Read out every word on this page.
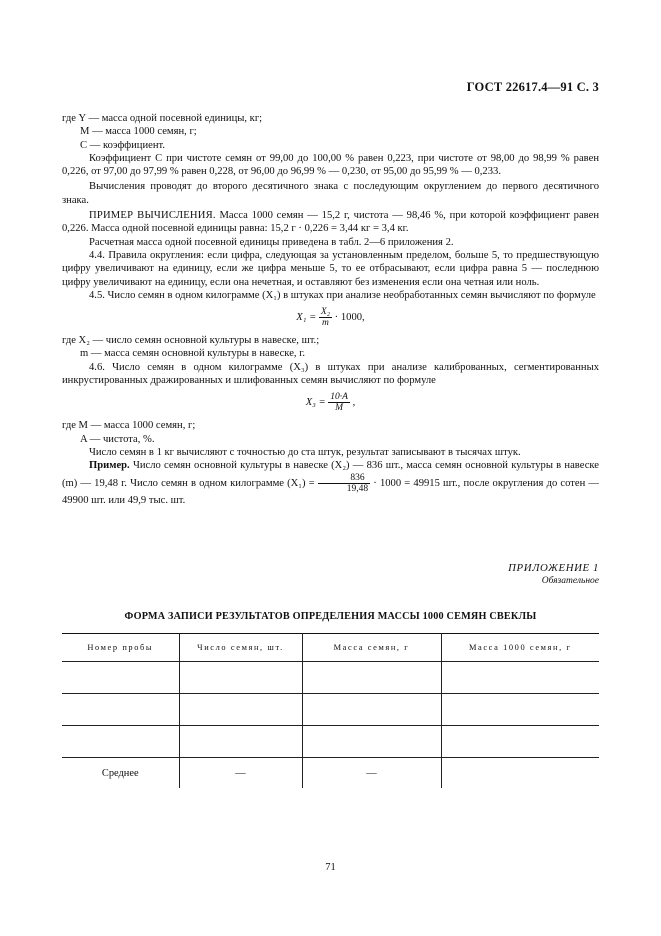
ГОСТ 22617.4—91 С. 3

где Y — масса одной посевной единицы, кг;

M — масса 1000 семян, г;

C — коэффициент.

Коэффициент C при чистоте семян от 99,00 до 100,00 % равен 0,223, при чистоте от 98,00 до 98,99 % равен 0,226, от 97,00 до 97,99 % равен 0,228, от 96,00 до 96,99 % — 0,230, от 95,00 до 95,99 % — 0,233.

Вычисления проводят до второго десятичного знака с последующим округлением до первого десятичного знака.

ПРИМЕР ВЫЧИСЛЕНИЯ. Масса 1000 семян — 15,2 г, чистота — 98,46 %, при которой коэффициент равен 0,226. Масса одной посевной единицы равна: 15,2 г · 0,226 = 3,44 кг = 3,4 кг.

Расчетная масса одной посевной единицы приведена в табл. 2—6 приложения 2.

4.4. Правила округления: если цифра, следующая за установленным пределом, больше 5, то предшествующую цифру увеличивают на единицу, если же цифра меньше 5, то ее отбрасывают, если цифра равна 5 — последнюю цифру увеличивают на единицу, если она нечетная, и оставляют без изменения если она четная или ноль.

4.5. Число семян в одном килограмме (X₁) в штуках при анализе необработанных семян вычисляют по формуле

$X_1 = \frac{\text{X₂}}{m} \cdot 1000$,

где X₂ — число семян основной культуры в навеске, шт.;

m — масса семян основной культуры в навеске, г.

4.6. Число семян в одном килограмме (X₃) в штуках при анализе калиброванных, сегментированных инкрустированных дражированных и шлифованных семян вычисляют по формуле

$X_3 = \frac{10\cdot A}{M}$ ,

где M — масса 1000 семян, г;

A — чистота, %.

Число семян в 1 кг вычисляют с точностью до ста штук, результат записывают в тысячах штук.

Пример. Число семян основной культуры в навеске (X₂) — 836 шт., масса семян основной культуры в навеске (m) — 19,48 г. Число семян в одном килограмме $(X_1) = \frac{836}{19,48} \cdot 1000 = 49915$ шт., после округления до сотен — 49900 шт. или 49,9 тыс. шт.

ПРИЛОЖЕНИЕ 1
Обязательное
ФОРМА ЗАПИСИ РЕЗУЛЬТАТОВ ОПРЕДЕЛЕНИЯ МАССЫ 1000 СЕМЯН СВЕКЛЫ
Номер пробы	Число семян, шт.	Масса семян, г	Масса 1000 семян, г

Среднее	—	—	
71
